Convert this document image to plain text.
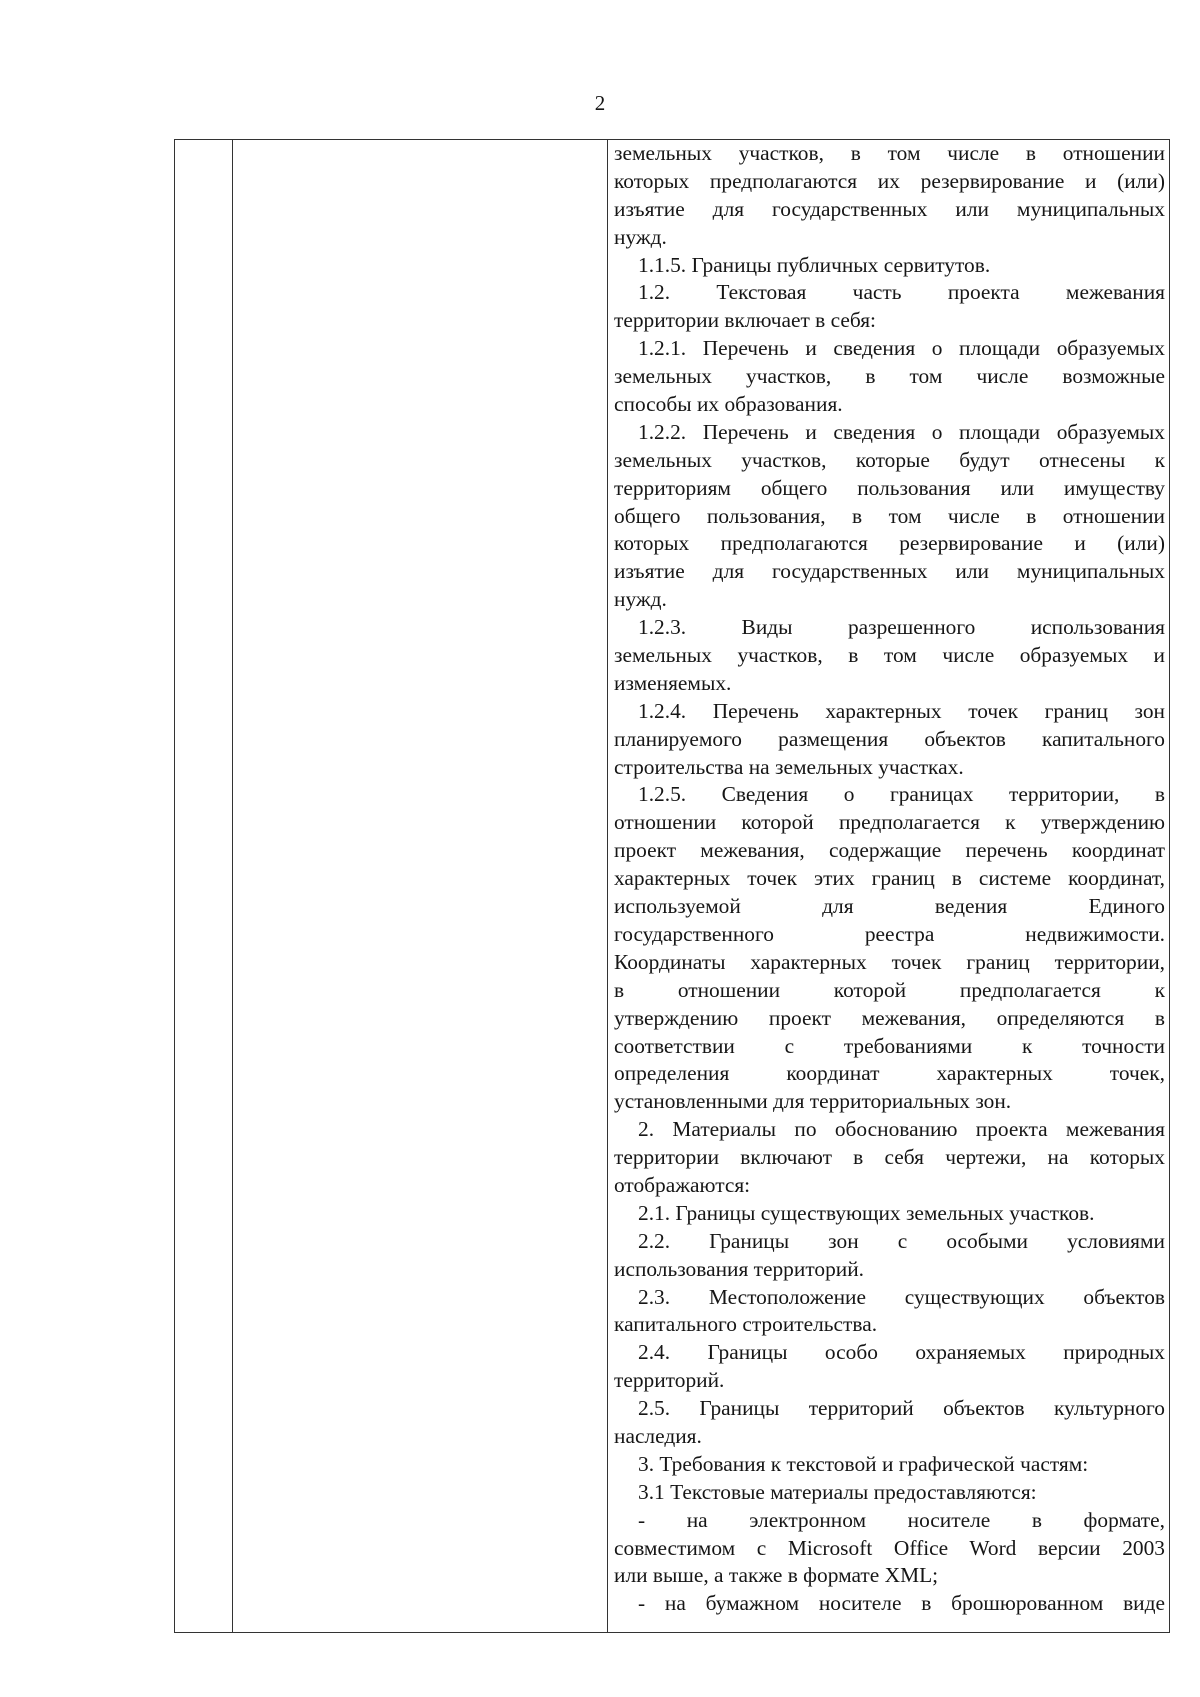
2
земельных участков, в том числе в отношении
которых предполагаются их резервирование и (или)
изъятие для государственных или муниципальных
нужд.
1.1.5. Границы публичных сервитутов.
1.2. Текстовая часть проекта межевания
территории включает в себя:
1.2.1. Перечень и сведения о площади образуемых
земельных участков, в том числе возможные
способы их образования.
1.2.2. Перечень и сведения о площади образуемых
земельных участков, которые будут отнесены к
территориям общего пользования или имуществу
общего пользования, в том числе в отношении
которых предполагаются резервирование и (или)
изъятие для государственных или муниципальных
нужд.
1.2.3. Виды разрешенного использования
земельных участков, в том числе образуемых и
изменяемых.
1.2.4. Перечень характерных точек границ зон
планируемого размещения объектов капитального
строительства на земельных участках.
1.2.5. Сведения о границах территории, в
отношении которой предполагается к утверждению
проект межевания, содержащие перечень координат
характерных точек этих границ в системе координат,
используемой для ведения Единого
государственного реестра недвижимости.
Координаты характерных точек границ территории,
в отношении которой предполагается к
утверждению проект межевания, определяются в
соответствии с требованиями к точности
определения координат характерных точек,
установленными для территориальных зон.
2. Материалы по обоснованию проекта межевания
территории включают в себя чертежи, на которых
отображаются:
2.1. Границы существующих земельных участков.
2.2. Границы зон с особыми условиями
использования территорий.
2.3. Местоположение существующих объектов
капитального строительства.
2.4. Границы особо охраняемых природных
территорий.
2.5. Границы территорий объектов культурного
наследия.
3. Требования к текстовой и графической частям:
3.1 Текстовые материалы предоставляются:
- на электронном носителе в формате,
совместимом с Microsoft Office Word версии 2003
или выше, а также в формате XML;
- на бумажном носителе в брошюрованном виде
